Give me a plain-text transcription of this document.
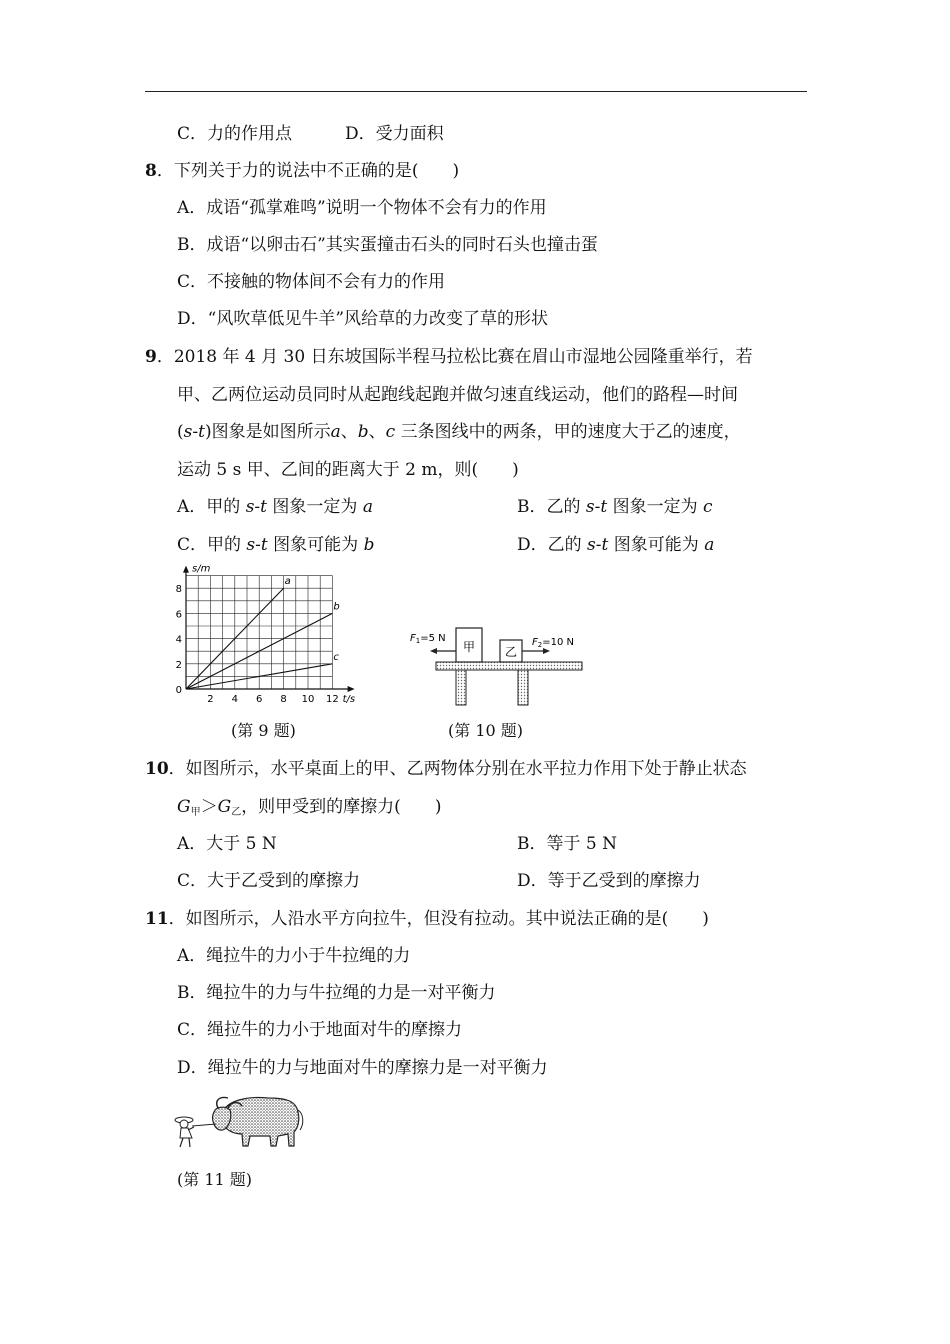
C．力的作用点	D．受力面积
8．下列关于力的说法中不正确的是(　　)
A．成语“孤掌难鸣”说明一个物体不会有力的作用
B．成语“以卵击石”其实蛋撞击石头的同时石头也撞击蛋
C．不接触的物体间不会有力的作用
D．“风吹草低见牛羊”风给草的力改变了草的形状
9．2018 年 4 月 30 日东坡国际半程马拉松比赛在眉山市湿地公园隆重举行，若
甲、乙两位运动员同时从起跑线起跑并做匀速直线运动，他们的路程—时间
(s-t)图象是如图所示a、b、c 三条图线中的两条，甲的速度大于乙的速度，
运动 5 s 甲、乙间的距离大于 2 m，则(　　)
A．甲的 s-t 图象一定为 a	B．乙的 s-t 图象一定为 c
C．甲的 s-t 图象可能为 b	D．乙的 s-t 图象可能为 a
a
b
c
2 4 6 8 10 12
2
4
6
8
0
s/m
t/s
(第 9 题)
甲 乙
$F_1=5$ N	$F_2=10$ N
(第 10 题)
10．如图所示，水平桌面上的甲、乙两物体分别在水平拉力作用下处于静止状态
$G_甲>G_乙$，则甲受到的摩擦力(　　)
A．大于 5 N	B．等于 5 N
C．大于乙受到的摩擦力	D．等于乙受到的摩擦力
11．如图所示，人沿水平方向拉牛，但没有拉动。其中说法正确的是(　　)
A．绳拉牛的力小于牛拉绳的力
B．绳拉牛的力与牛拉绳的力是一对平衡力
C．绳拉牛的力小于地面对牛的摩擦力
D．绳拉牛的力与地面对牛的摩擦力是一对平衡力
(第 11 题)
